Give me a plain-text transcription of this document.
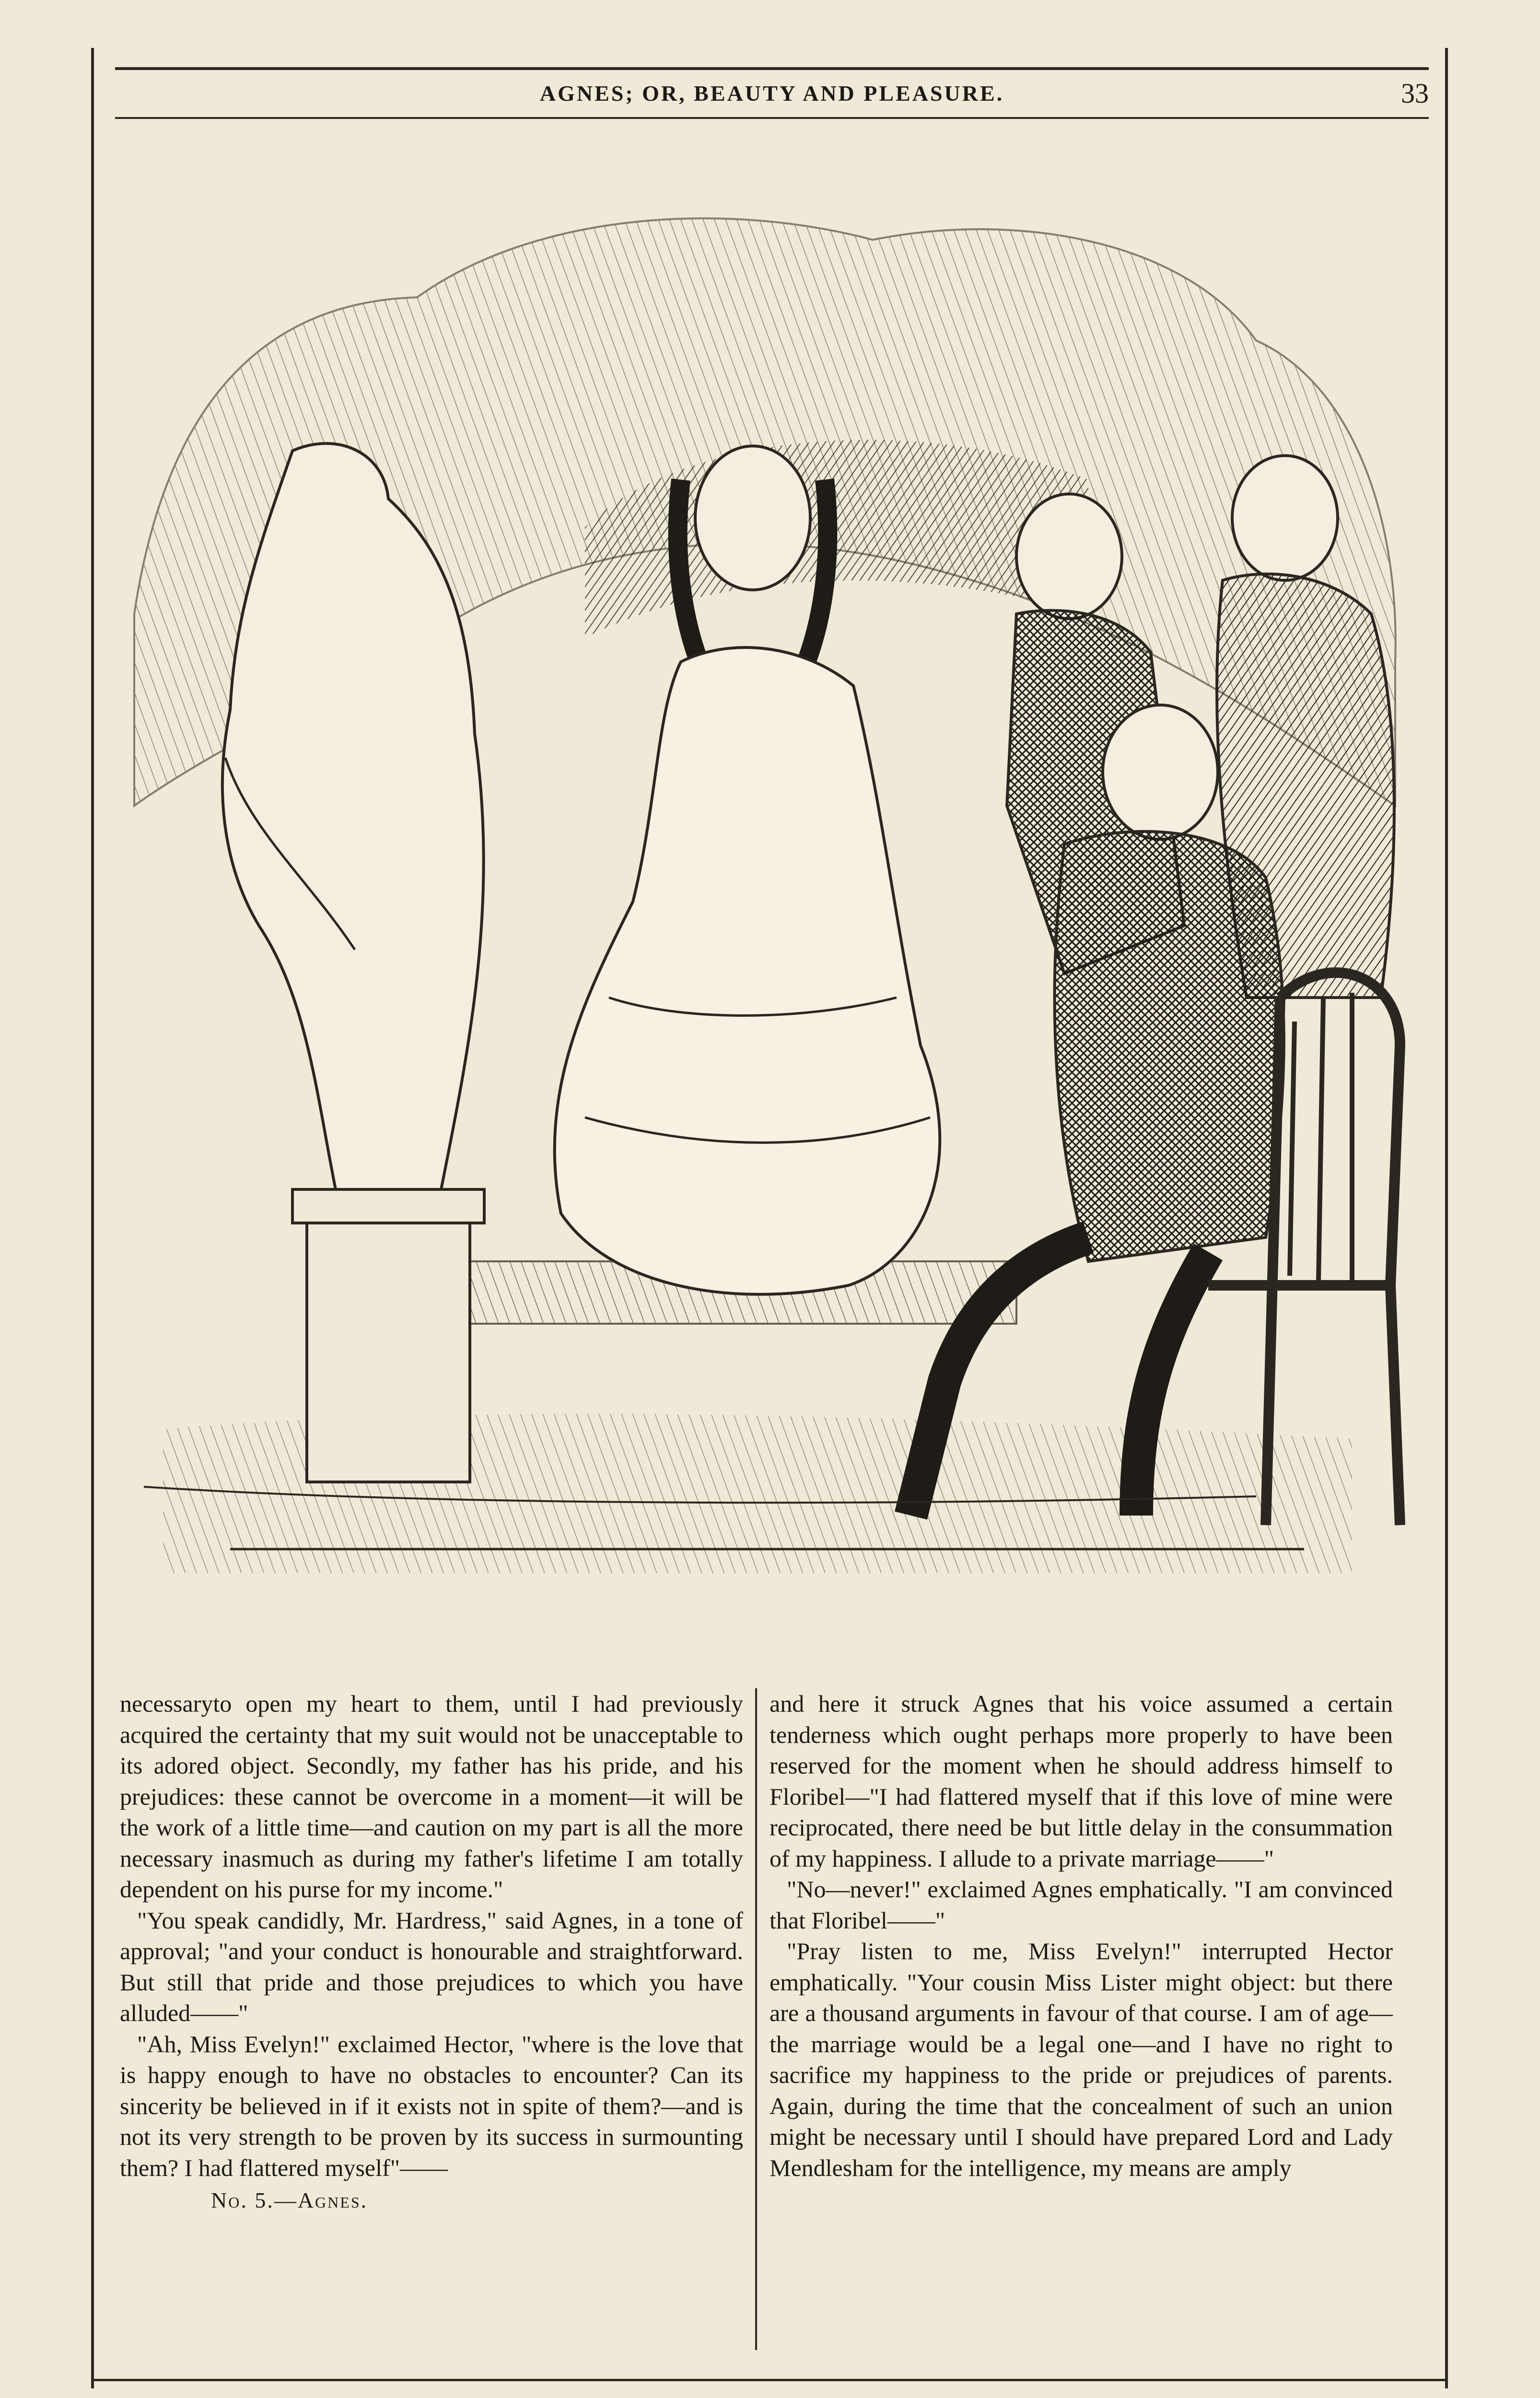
AGNES; OR, BEAUTY AND PLEASURE.	33

necessaryto open my heart to them, until I had previously acquired the certainty that my suit would not be unacceptable to its adored object. Secondly, my father has his pride, and his prejudices: these cannot be overcome in a moment—it will be the work of a little time—and caution on my part is all the more necessary inasmuch as during my father's lifetime I am totally dependent on his purse for my income."

"You speak candidly, Mr. Hardress," said Agnes, in a tone of approval; "and your conduct is honourable and straightforward. But still that pride and those prejudices to which you have alluded——"

"Ah, Miss Evelyn!" exclaimed Hector, "where is the love that is happy enough to have no obstacles to encounter? Can its sincerity be believed in if it exists not in spite of them?—and is not its very strength to be proven by its success in surmounting them? I had flattered myself"——

No. 5.—Agnes.

and here it struck Agnes that his voice assumed a certain tenderness which ought perhaps more properly to have been reserved for the moment when he should address himself to Floribel—"I had flattered myself that if this love of mine were reciprocated, there need be but little delay in the consummation of my happiness. I allude to a private marriage——"

"No—never!" exclaimed Agnes emphatically. "I am convinced that Floribel——"

"Pray listen to me, Miss Evelyn!" interrupted Hector emphatically. "Your cousin Miss Lister might object: but there are a thousand arguments in favour of that course. I am of age—the marriage would be a legal one—and I have no right to sacrifice my happiness to the pride or prejudices of parents. Again, during the time that the concealment of such an union might be necessary until I should have prepared Lord and Lady Mendlesham for the intelligence, my means are amply
